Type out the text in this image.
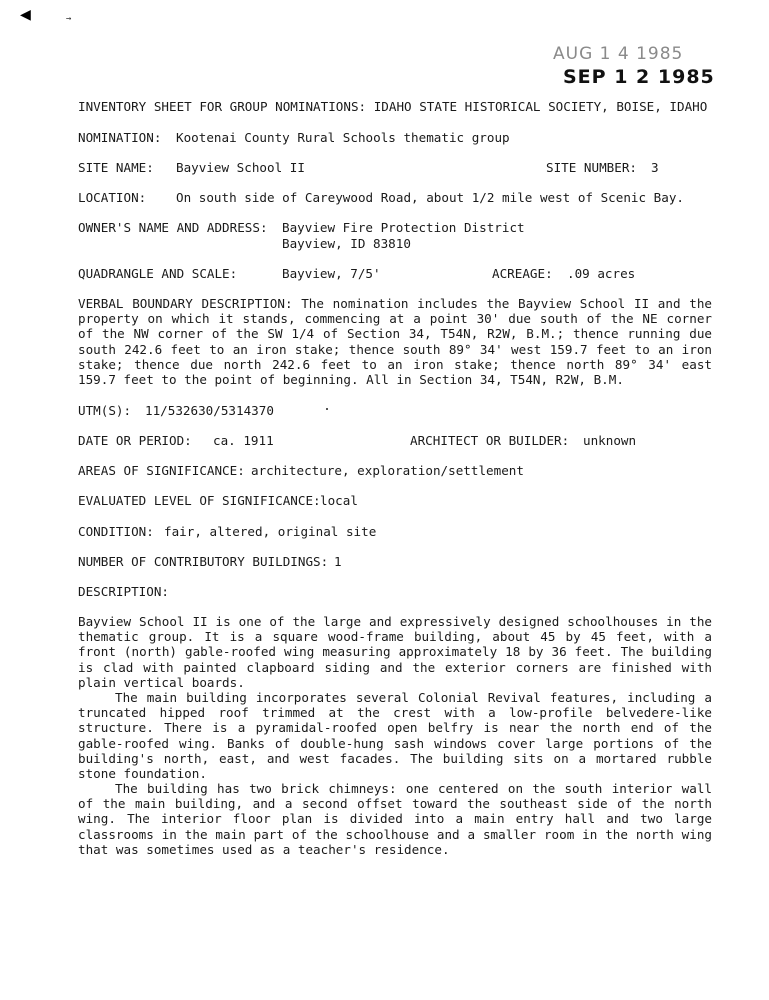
◀	→
AUG 1 4 1985
SEP 1 2 1985
INVENTORY SHEET FOR GROUP NOMINATIONS: IDAHO STATE HISTORICAL SOCIETY, BOISE, IDAHO
NOMINATION: Kootenai County Rural Schools thematic group
SITE NAME: Bayview School II	SITE NUMBER: 3
LOCATION: On south side of Careywood Road, about 1/2 mile west of Scenic Bay.
OWNER'S NAME AND ADDRESS: Bayview Fire Protection District
Bayview, ID 83810
QUADRANGLE AND SCALE:	Bayview, 7/5'	ACREAGE: .09 acres
VERBAL BOUNDARY DESCRIPTION: The nomination includes the Bayview School II and the property on which it stands, commencing at a point 30' due south of the NE corner of the NW corner of the SW 1/4 of Section 34, T54N, R2W, B.M.; thence running due south 242.6 feet to an iron stake; thence south 89° 34' west 159.7 feet to an iron stake; thence due north 242.6 feet to an iron stake; thence north 89° 34' east 159.7 feet to the point of beginning. All in Section 34, T54N, R2W, B.M.
UTM(S): 11/532630/5314370
DATE OR PERIOD: ca. 1911	ARCHITECT OR BUILDER: unknown
AREAS OF SIGNIFICANCE: architecture, exploration/settlement
EVALUATED LEVEL OF SIGNIFICANCE: local
CONDITION: fair, altered, original site
NUMBER OF CONTRIBUTORY BUILDINGS: 1
DESCRIPTION:
Bayview School II is one of the large and expressively designed schoolhouses in the thematic group. It is a square wood-frame building, about 45 by 45 feet, with a front (north) gable-roofed wing measuring approximately 18 by 36 feet. The building is clad with painted clapboard siding and the exterior corners are finished with plain vertical boards.
The main building incorporates several Colonial Revival features, including a truncated hipped roof trimmed at the crest with a low-profile belvedere-like structure. There is a pyramidal-roofed open belfry is near the north end of the gable-roofed wing. Banks of double-hung sash windows cover large portions of the building's north, east, and west facades. The building sits on a mortared rubble stone foundation.
The building has two brick chimneys: one centered on the south interior wall of the main building, and a second offset toward the southeast side of the north wing. The interior floor plan is divided into a main entry hall and two large classrooms in the main part of the schoolhouse and a smaller room in the north wing that was sometimes used as a teacher's residence.
